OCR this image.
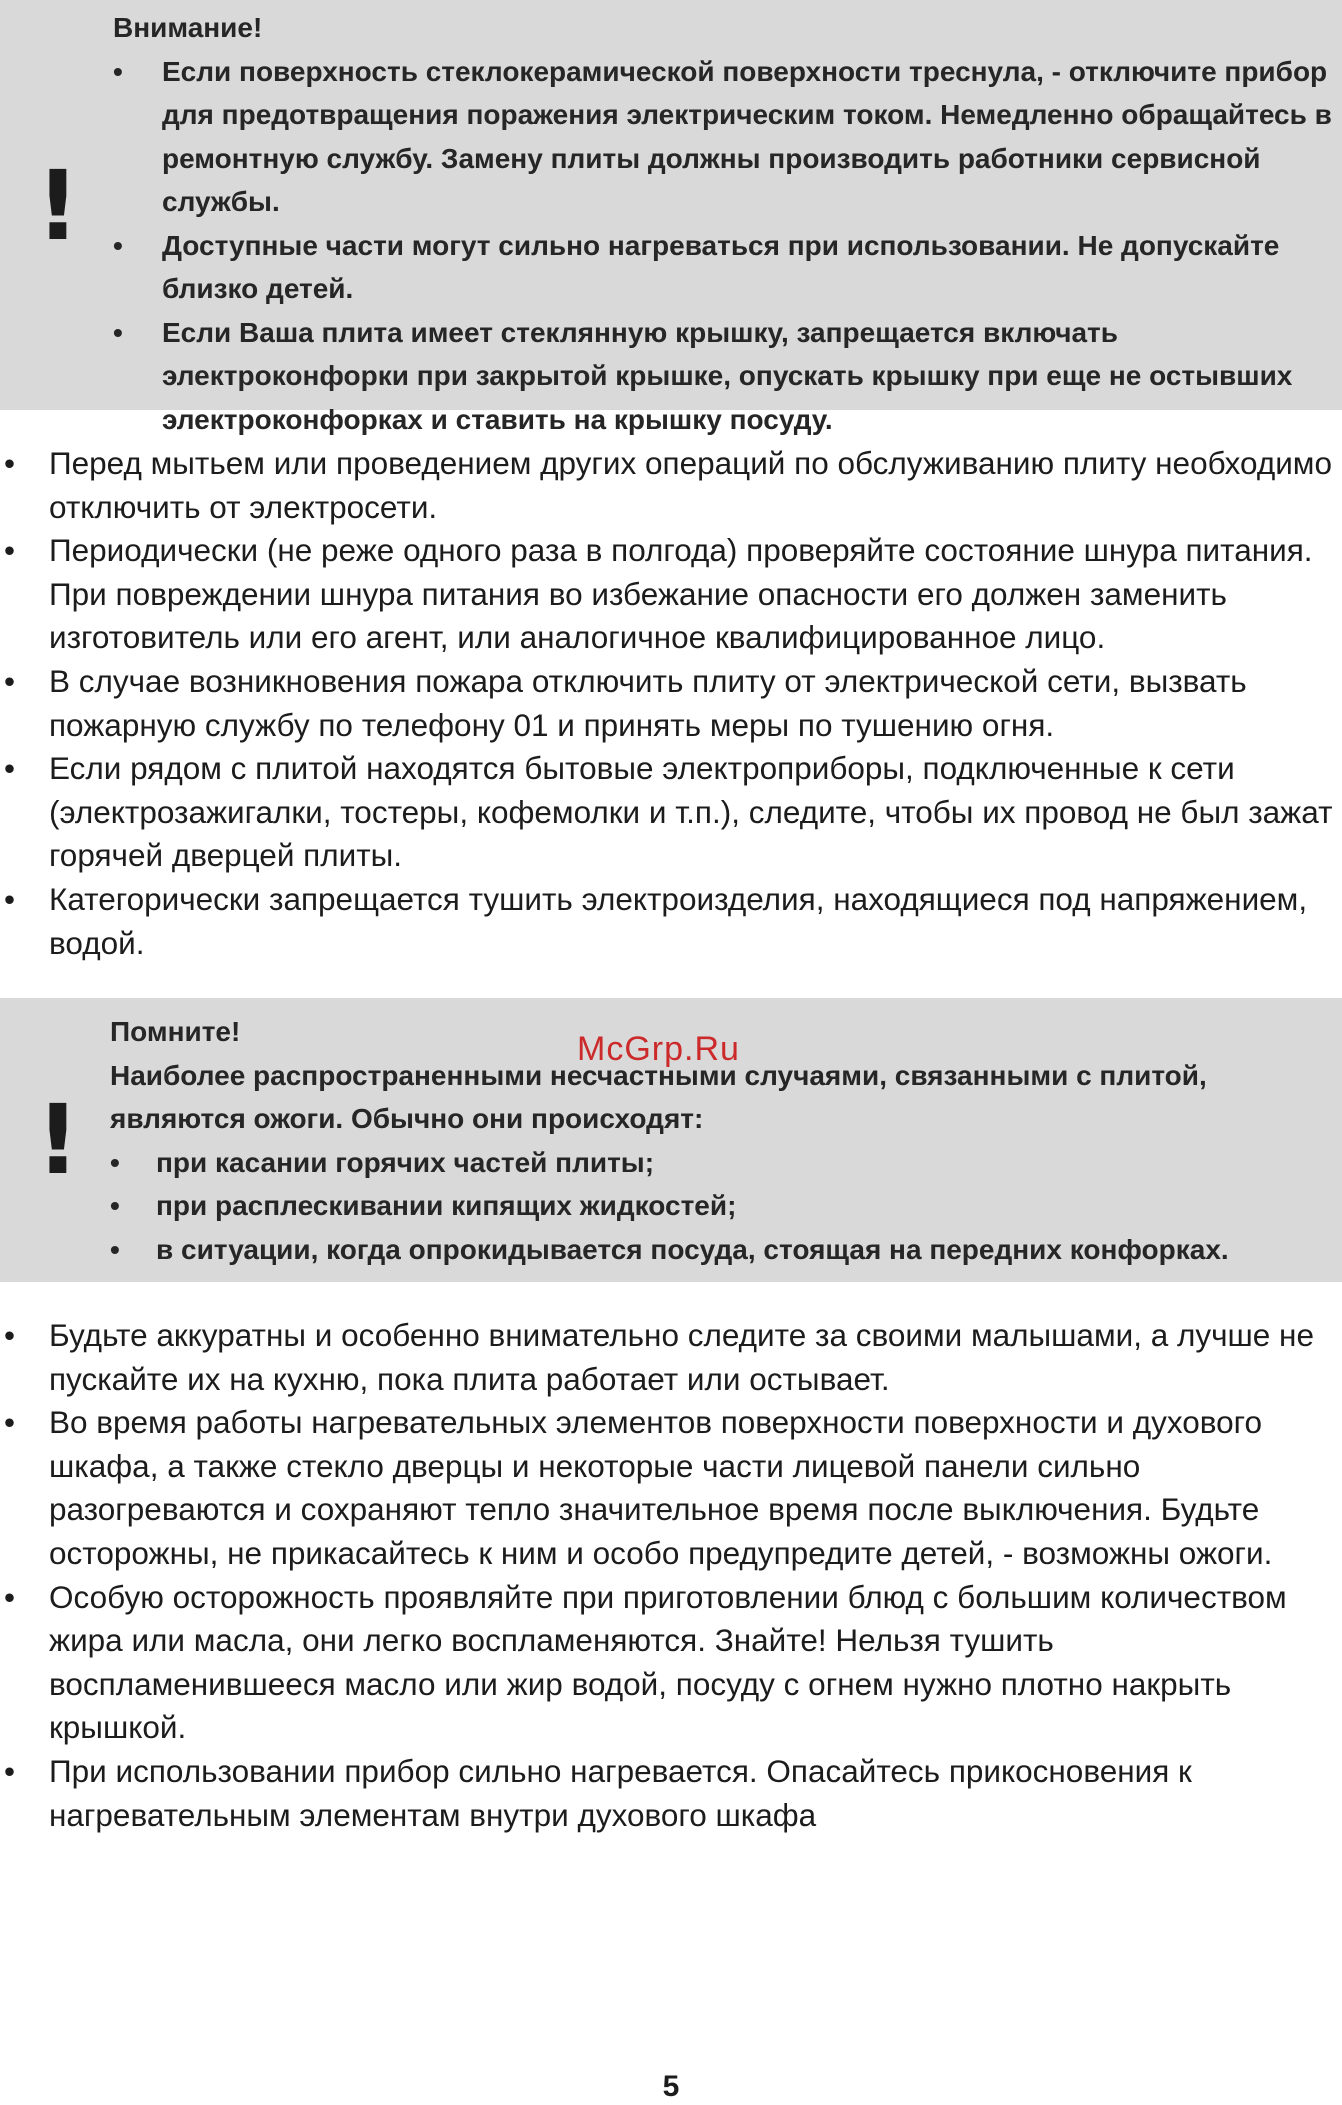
!

Внимание!

• Если поверхность стеклокерамической поверхности треснула, - отключите прибор для предотвращения поражения электрическим током. Немедленно обращайтесь в ремонтную службу. Замену плиты должны производить работники сервисной службы.
• Доступные части могут сильно нагреваться при использовании. Не допускайте близко детей.
• Если Ваша плита имеет стеклянную крышку, запрещается включать электроконфорки при закрытой крышке, опускать крышку при еще не остывших электроконфорках и ставить на крышку посуду.
• Перед мытьем или проведением других операций по обслуживанию плиту необходимо отключить от электросети.
• Периодически (не реже одного раза в полгода) проверяйте состояние шнура питания. При повреждении шнура питания во избежание опасности его должен заменить изготовитель или его агент, или аналогичное квалифицированное лицо.
• В случае возникновения пожара отключить плиту от электрической сети, вызвать пожарную службу по телефону 01 и принять меры по тушению огня.
• Если рядом с плитой находятся бытовые электроприборы, подключенные к сети (электрозажигалки, тостеры, кофемолки и т.п.), следите, чтобы их провод не был зажат горячей дверцей плиты.
• Категорически запрещается тушить электроизделия, находящиеся под напряжением, водой.
!

Помните!

Наиболее распространенными несчастными случаями, связанными с плитой, являются ожоги. Обычно они происходят:

• при касании горячих частей плиты;
• при расплескивании кипящих жидкостей;
• в ситуации, когда опрокидывается посуда, стоящая на передних конфорках.
McGrp.Ru
• Будьте аккуратны и особенно внимательно следите за своими малышами, а лучше не пускайте их на кухню, пока плита работает или остывает.
• Во время работы нагревательных элементов поверхности поверхности и духового шкафа, а также стекло дверцы и некоторые части лицевой панели сильно разогреваются и сохраняют тепло значительное время после выключения. Будьте осторожны, не прикасайтесь к ним и особо предупредите детей, - возможны ожоги.
• Особую осторожность проявляйте при приготовлении блюд с большим количеством жира или масла, они легко воспламеняются. Знайте! Нельзя тушить воспламенившееся масло или жир водой, посуду с огнем нужно плотно накрыть крышкой.
• При использовании прибор сильно нагревается. Опасайтесь прикосновения к нагревательным элементам внутри духового шкафа
5
